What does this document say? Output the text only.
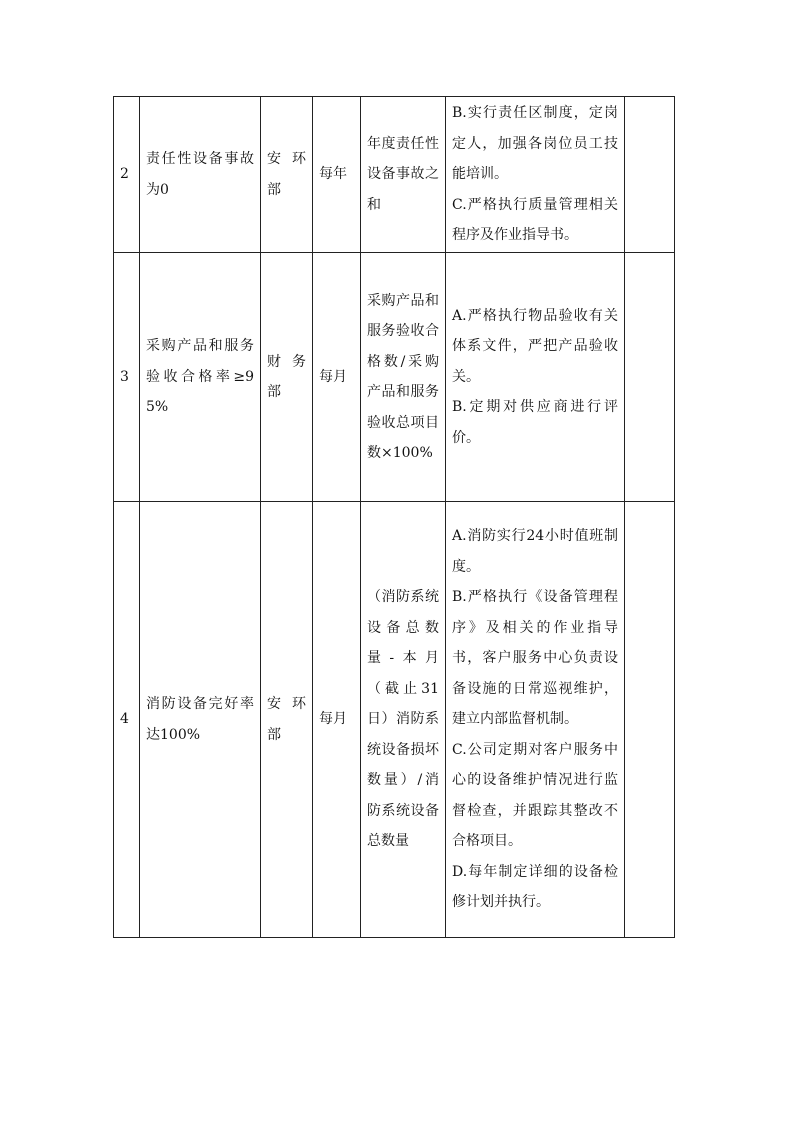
2	责任性设备事故为0	安环部	每年	年度责任性设备事故之和	B.实行责任区制度，定岗定人，加强各岗位员工技能培训。

C.严格执行质量管理相关程序及作业指导书。	

3	采购产品和服务验收合格率≥95%	财务部	每月	采购产品和服务验收合格数/采购产品和服务验收总项目数×100%	A.严格执行物品验收有关体系文件，严把产品验收关。

B.定期对供应商进行评价。	

4	消防设备完好率达100%	安环部	每月	（消防系统设备总数量-本月（截止31日）消防系统设备损坏数量）/消防系统设备总数量	A.消防实行24小时值班制度。

B.严格执行《设备管理程序》及相关的作业指导书，客户服务中心负责设备设施的日常巡视维护，建立内部监督机制。

C.公司定期对客户服务中心的设备维护情况进行监督检查，并跟踪其整改不合格项目。

D.每年制定详细的设备检修计划并执行。	
